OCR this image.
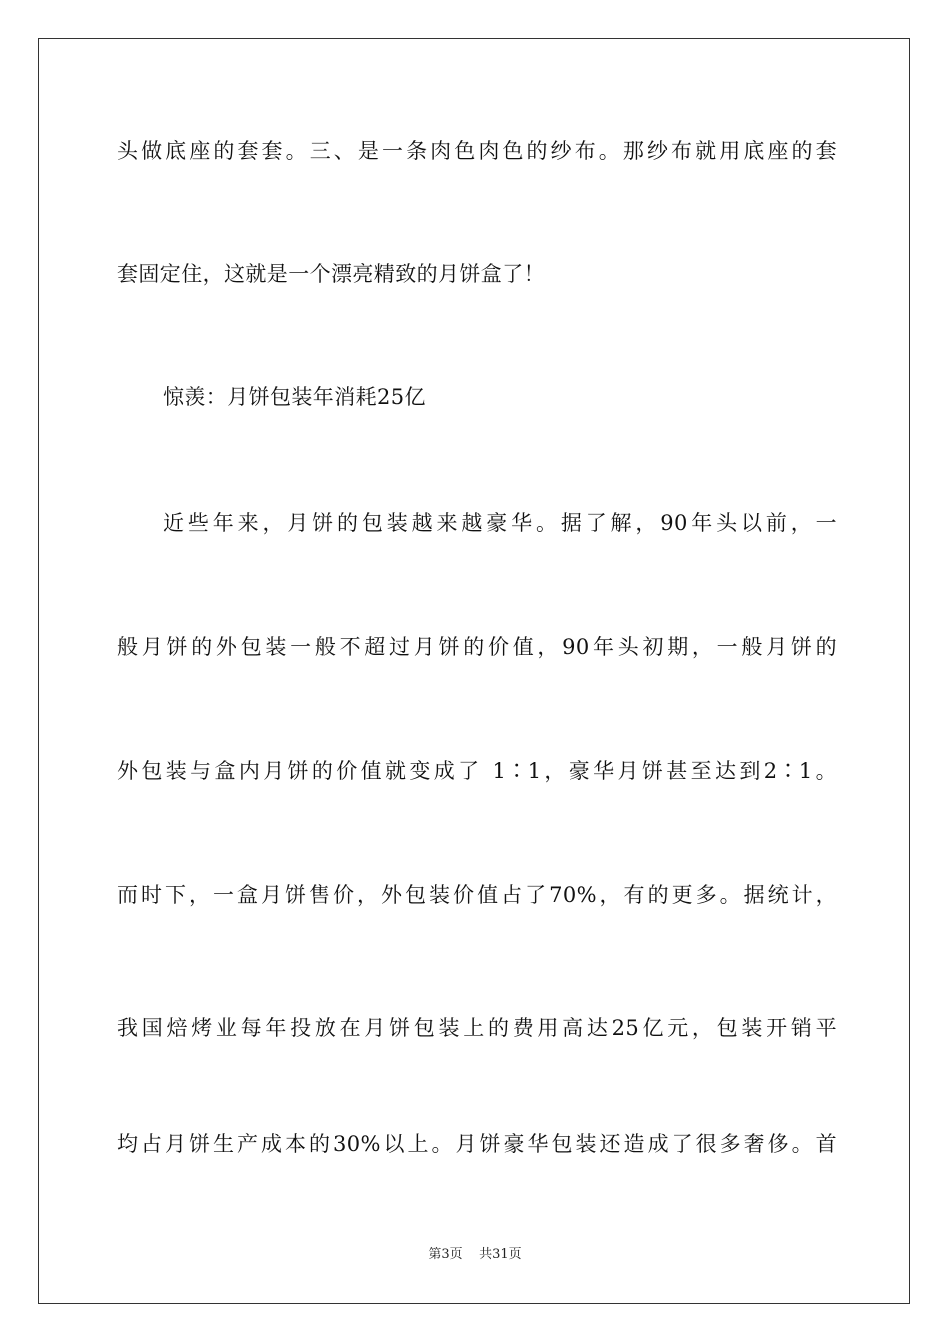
头做底座的套套。三、是一条肉色肉色的纱布。那纱布就用底座的套
套固定住，这就是一个漂亮精致的月饼盒了！
惊羡：月饼包装年消耗25亿
近些年来，月饼的包装越来越豪华。据了解，90年头以前，一
般月饼的外包装一般不超过月饼的价值，90年头初期，一般月饼的
外包装与盒内月饼的价值就变成了 1∶1，豪华月饼甚至达到2∶1。
而时下，一盒月饼售价，外包装价值占了70%，有的更多。据统计，
我国焙烤业每年投放在月饼包装上的费用高达25亿元，包装开销平
均占月饼生产成本的30%以上。月饼豪华包装还造成了很多奢侈。首
第3页 共31页
